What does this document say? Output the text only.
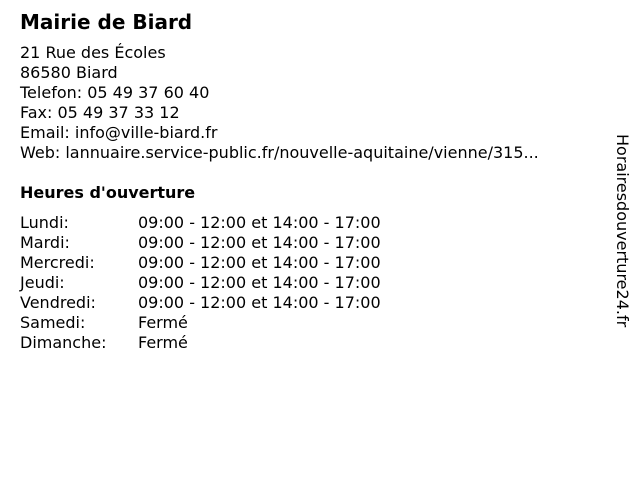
Mairie de Biard
21 Rue des Écoles
86580 Biard
Telefon: 05 49 37 60 40
Fax: 05 49 37 33 12
Email: info@ville-biard.fr
Web: lannuaire.service-public.fr/nouvelle-aquitaine/vienne/315...
Heures d'ouverture
Lundi:	09:00 - 12:00 et 14:00 - 17:00
Mardi:	09:00 - 12:00 et 14:00 - 17:00
Mercredi:	09:00 - 12:00 et 14:00 - 17:00
Jeudi:	09:00 - 12:00 et 14:00 - 17:00
Vendredi:	09:00 - 12:00 et 14:00 - 17:00
Samedi:	Fermé
Dimanche: Fermé
Horairesdouverture24.fr
